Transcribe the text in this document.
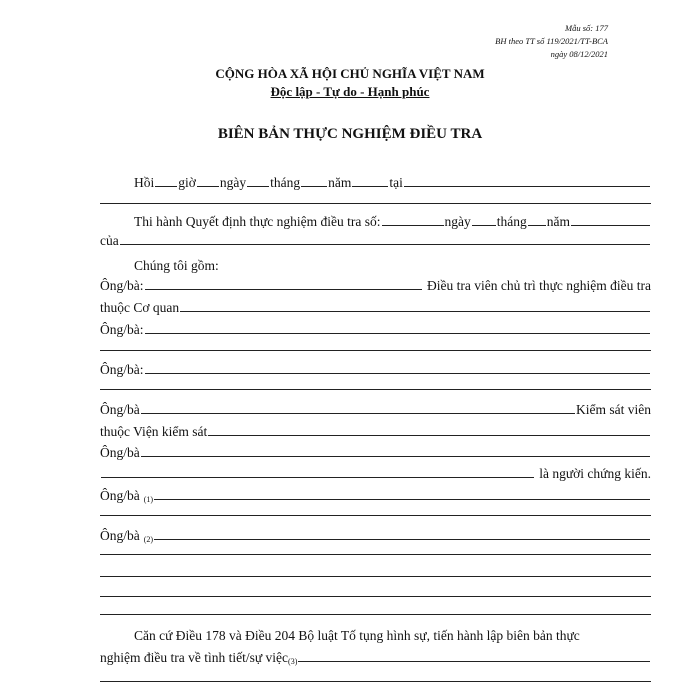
Mẫu số: 177
BH theo TT số 119/2021/TT-BCA
ngày 08/12/2021
CỘNG HÒA XÃ HỘI CHỦ NGHĨA VIỆT NAM
Độc lập - Tự do - Hạnh phúc
BIÊN BẢN THỰC NGHIỆM ĐIỀU TRA
Hồi giờ ngày tháng năm	tại
Thi hành Quyết định thực nghiệm điều tra số:	ngày tháng năm
của
Chúng tôi gồm:
Ông/bà:	Điều tra viên chủ trì thực nghiệm điều tra
thuộc Cơ quan
Ông/bà:
Ông/bà:
Ông/bà	Kiểm sát viên
thuộc Viện kiểm sát
Ông/bà
là người chứng kiến.
Ông/bà $_{(1)}$
Ông/bà $_{(2)}$
Căn cứ Điều 178 và Điều 204 Bộ luật Tố tụng hình sự, tiến hành lập biên bản thực
nghiệm điều tra về tình tiết/sự việc$_{(3)}$
